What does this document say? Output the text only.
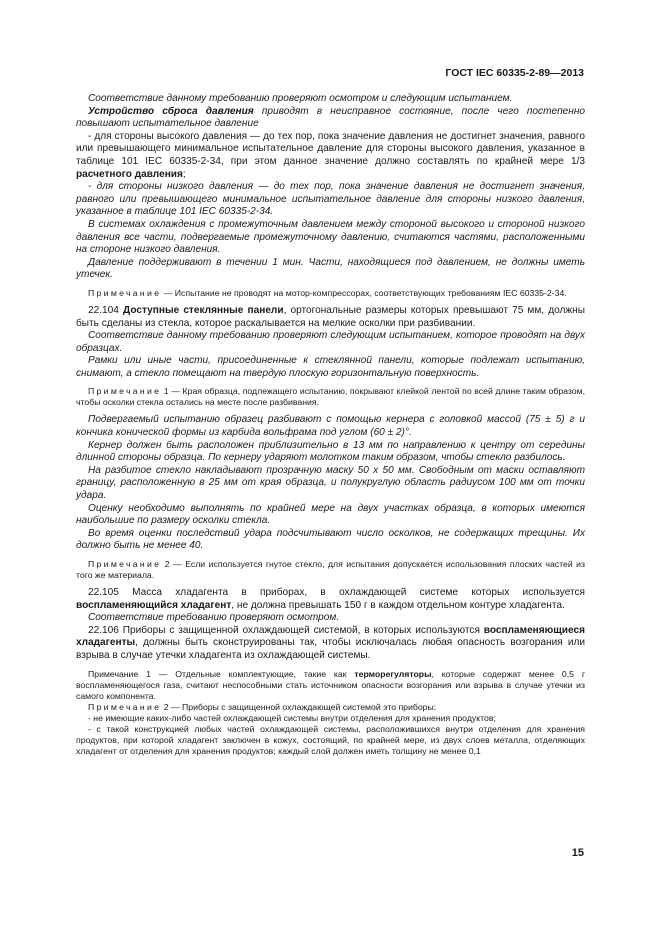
ГОСТ IEC 60335-2-89—2013

Соответствие данному требованию проверяют осмотром и следующим испытанием.

Устройство сброса давления приводят в неисправное состояние, после чего постепенно повышают испытательное давление

- для стороны высокого давления — до тех пор, пока значение давления не достигнет значения, равного или превышающего минимальное испытательное давление для стороны высокого давления, указанное в таблице 101 IEC 60335-2-34, при этом данное значение должно составлять по крайней мере 1/3 расчетного давления;

- для стороны низкого давления — до тех пор, пока значение давления не достигнет значения, равного или превышающего минимальное испытательное давление для стороны низкого давления, указанное в таблице 101 IEC 60335-2-34.

В системах охлаждения с промежуточным давлением между стороной высокого и стороной низкого давления все части, подвергаемые промежуточному давлению, считаются частями, расположенными на стороне низкого давления.

Давление поддерживают в течении 1 мин. Части, находящиеся под давлением, не должны иметь утечек.

Примечание — Испытание не проводят на мотор-компрессорах, соответствующих требованиям IEC 60335-2-34.

22.104 Доступные стеклянные панели, ортогональные размеры которых превышают 75 мм, должны быть сделаны из стекла, которое раскалывается на мелкие осколки при разбивании.

Соответствие данному требованию проверяют следующим испытанием, которое проводят на двух образцах.

Рамки или иные части, присоединенные к стеклянной панели, которые подлежат испытанию, снимают, а стекло помещают на твердую плоскую горизонтальную поверхность.

Примечание 1 — Края образца, подлежащего испытанию, покрывают клейкой лентой по всей длине таким образом, чтобы осколки стекла остались на месте после разбивания.

Подвергаемый испытанию образец разбивают с помощью кернера с головкой массой (75 ± 5) г и кончика конической формы из карбида вольфрама под углом (60 ± 2)°.

Кернер должен быть расположен приблизительно в 13 мм по направлению к центру от середины длинной стороны образца. По кернеру ударяют молотком таким образом, чтобы стекло разбилось.

На разбитое стекло накладывают прозрачную маску 50 х 50 мм. Свободным от маски оставляют границу, расположенную в 25 мм от края образца, и полукруглую область радиусом 100 мм от точки удара.

Оценку необходимо выполнять по крайней мере на двух участках образца, в которых имеются наибольшие по размеру осколки стекла.

Во время оценки последствий удара подсчитывают число осколков, не содержащих трещины. Их должно быть не менее 40.

Примечание 2 — Если используется гнутое стекло, для испытания допускается использования плоских частей из того же материала.

22.105 Масса хладагента в приборах, в охлаждающей системе которых используется воспламеняющийся хладагент, не должна превышать 150 г в каждом отдельном контуре хладагента.

Соответствие требованию проверяют осмотром.

22.106 Приборы с защищенной охлаждающей системой, в которых используются воспламеняющиеся хладагенты, должны быть сконструированы так, чтобы исключалась любая опасность возгорания или взрыва в случае утечки хладагента из охлаждающей системы.

Примечание 1 — Отдельные комплектующие, такие как терморегуляторы, которые содержат менее 0,5 г воспламеняющегося газа, считают неспособными стать источником опасности возгорания или взрыва в случае утечки из самого компонента.

Примечание 2 — Приборы с защищенной охлаждающей системой это приборы:

- не имеющие каких-либо частей охлаждающей системы внутри отделения для хранения продуктов;

- с такой конструкцией любых частей охлаждающей системы, расположившихся внутри отделения для хранения продуктов, при которой хладагент заключен в кожух, состоящий, по крайней мере, из двух слоев металла, отделяющих хладагент от отделения для хранения продуктов; каждый слой должен иметь толщину не менее 0,1

15
